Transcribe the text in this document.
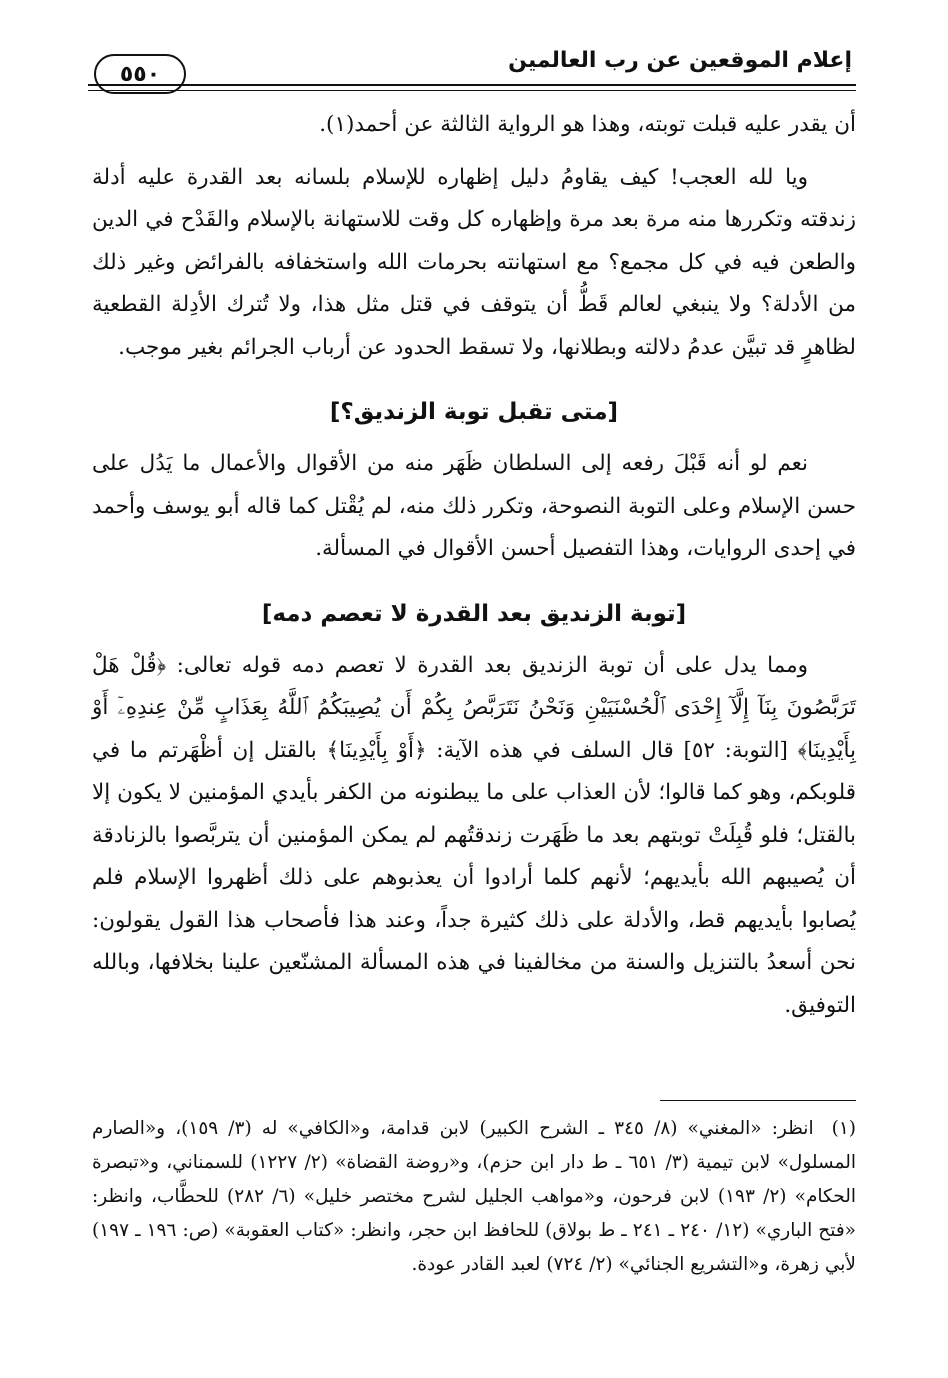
إعلام الموقعين عن رب العالمين
٥٥٠

أن يقدر عليه قبلت توبته، وهذا هو الرواية الثالثة عن أحمد(١).

ويا لله العجب! كيف يقاومُ دليل إظهاره للإسلام بلسانه بعد القدرة عليه أدلة زندقته وتكررها منه مرة بعد مرة وإظهاره كل وقت للاستهانة بالإسلام والقَدْح في الدين والطعن فيه في كل مجمع؟ مع استهانته بحرمات الله واستخفافه بالفرائض وغير ذلك من الأدلة؟ ولا ينبغي لعالم قَطُّ أن يتوقف في قتل مثل هذا، ولا تُترك الأدِلة القطعية لظاهرٍ قد تبيَّن عدمُ دلالته وبطلانها، ولا تسقط الحدود عن أرباب الجرائم بغير موجب.

[متى تقبل توبة الزنديق؟]

نعم لو أنه قَبْلَ رفعه إلى السلطان ظَهَر منه من الأقوال والأعمال ما يَدُل على حسن الإسلام وعلى التوبة النصوحة، وتكرر ذلك منه، لم يُقْتل كما قاله أبو يوسف وأحمد في إحدى الروايات، وهذا التفصيل أحسن الأقوال في المسألة.

[توبة الزنديق بعد القدرة لا تعصم دمه]

ومما يدل على أن توبة الزنديق بعد القدرة لا تعصم دمه قوله تعالى: ﴿قُلْ هَلْ تَرَبَّصُونَ بِنَآ إِلَّآ إِحْدَى ٱلْحُسْنَيَيْنِ وَنَحْنُ نَتَرَبَّصُ بِكُمْ أَن يُصِيبَكُمُ ٱللَّهُ بِعَذَابٍ مِّنْ عِندِهِۦٓ أَوْ بِأَيْدِينَا﴾ [التوبة: ٥٢] قال السلف في هذه الآية: ﴿أَوْ بِأَيْدِينَا﴾ بالقتل إن أظْهَرتم ما في قلوبكم، وهو كما قالوا؛ لأن العذاب على ما يبطنونه من الكفر بأيدي المؤمنين لا يكون إلا بالقتل؛ فلو قُبِلَتْ توبتهم بعد ما ظَهَرت زندقتُهم لم يمكن المؤمنين أن يتربَّصوا بالزنادقة أن يُصيبهم الله بأيديهم؛ لأنهم كلما أرادوا أن يعذبوهم على ذلك أظهروا الإسلام فلم يُصابوا بأيديهم قط، والأدلة على ذلك كثيرة جداً، وعند هذا فأصحاب هذا القول يقولون: نحن أسعدُ بالتنزيل والسنة من مخالفينا في هذه المسألة المشنّعين علينا بخلافها، وبالله التوفيق.

(١)انظر: «المغني» (٨/ ٣٤٥ ـ الشرح الكبير) لابن قدامة، و«الكافي» له (٣/ ١٥٩)، و«الصارم المسلول» لابن تيمية (٣/ ٦٥١ ـ ط دار ابن حزم)، و«روضة القضاة» (٢/ ١٢٢٧) للسمناني، و«تبصرة الحكام» (٢/ ١٩٣) لابن فرحون، و«مواهب الجليل لشرح مختصر خليل» (٦/ ٢٨٢) للحطَّاب، وانظر: «فتح الباري» (١٢/ ٢٤٠ ـ ٢٤١ ـ ط بولاق) للحافظ ابن حجر، وانظر: «كتاب العقوبة» (ص: ١٩٦ ـ ١٩٧) لأبي زهرة، و«التشريع الجنائي» (٢/ ٧٢٤) لعبد القادر عودة.
